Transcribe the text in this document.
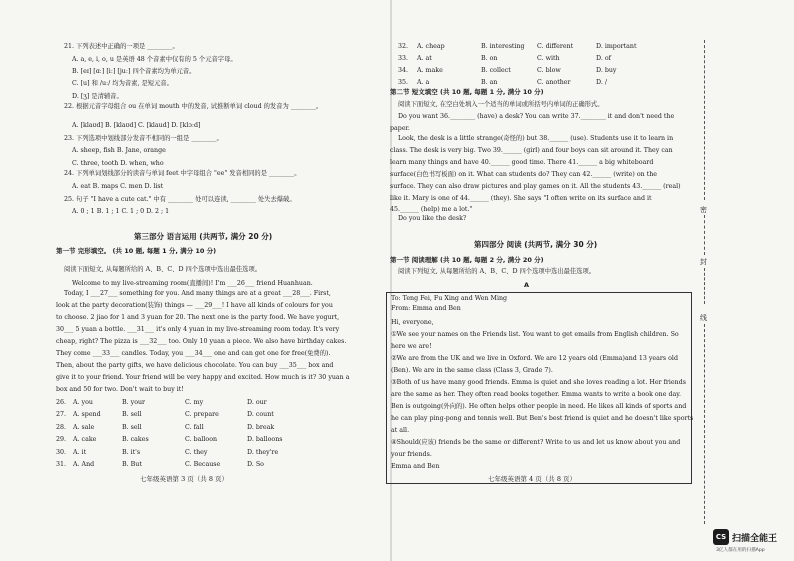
21. 下列表述中正确的一项是 ________。
A. a, e, i, o, u 是英语 48 个音素中仅有的 5 个元音字母。
B. [eɪ] [ɑː] [iː] [juː] 四个音素均为单元音。
C. [u] 和 /uː/ 均为音素, 是短元音。
D. [ʒ] 是清辅音。
22. 根据元音字母组合 ou 在单词 mouth 中的发音, 试推断单词 cloud 的发音为 ________。
A. [klaʊd] B. [klaʊd] C. [klaud] D. [klɔːd]
23. 下列选项中划线部分发音不相同的一组是 ________。
A. sheep, fish B. Jane, orange
C. three, tooth D. when, who
24. 下列单词划线部分的读音与单词 feet 中字母组合 "ee" 发音相同的是 ________。
A. eat B. maps C. men D. list
25. 句子 "I have a cute cat." 中有 ________ 处可以连读, ________ 处失去爆破。
A. 0 ; 1 B. 1 ; 1 C. 1 ; 0 D. 2 ; 1
第三部分 语言运用 (共两节, 满分 20 分)
第一节 完形填空。 (共 10 题, 每题 1 分, 满分 10 分)
阅读下面短文, 从每题所给的 A、B、C、D 四个选项中选出最佳选项。
Welcome to my live-streaming room(直播间)! I'm ___26___ friend Huanhuan.
Today, I ___27___ something for you. And many things are at a great ___28___. First,
look at the party decoration(装饰) things — ___29___! I have all kinds of colours for you
to choose. 2 jiao for 1 and 3 yuan for 20. The next one is the party food. We have yogurt,
30___ 5 yuan a bottle. ___31___ it's only 4 yuan in my live-streaming room today. It's very
cheap, right? The pizza is ___32___ too. Only 10 yuan a piece. We also have birthday cakes.
They come ___33___ candles. Today, you ___34___ one and can get one for free(免费的).
Then, about the party gifts, we have delicious chocolate. You can buy ___35___ box and
give it to your friend. Your friend will be very happy and excited. How much is it? 30 yuan a
box and 50 for two. Don't wait to buy it!
26. A. you	B. your	C. my	D. our
27. A. spend	B. sell	C. prepare	D. count
28. A. sale	B. sell	C. fall	D. break
29. A. cake	B. cakes	C. balloon	D. balloons
30. A. it	B. it's	C. they	D. they're
31. A. And	B. But	C. Because	D. So
七年级英语第 3 页（共 8 页）
32. A. cheap	B. interesting C. different	D. important
33. A. at	B. on	C. with	D. of
34. A. make	B. collect	C. blow	D. buy
35. A. a	B. an	C. another	D. /
第二节 短文填空 (共 10 题, 每题 1 分, 满分 10 分)
阅读下面短文, 在空白处填入一个适当的单词或所括号内单词的正确形式。
Do you want 36.________ (have) a desk? You can write 37.________ it and don't need the
paper.
Look, the desk is a little strange(奇怪的) but 38.______ (use). Students use it to learn in
class. The desk is very big. Two 39.______ (girl) and four boys can sit around it. They can
learn many things and have 40.______ good time. There 41.______ a big whiteboard
surface(白色书写板面) on it. What can students do? They can 42.______ (write) on the
surface. They can also draw pictures and play games on it. All the students 43.______ (real)
like it. Mary is one of 44.______ (they). She says "I often write on its surface and it
45.______ (help) me a lot."
Do you like the desk?
第四部分 阅读 (共两节, 满分 30 分)
第一节 阅读理解 (共 10 题, 每题 2 分, 满分 20 分)
阅读下列短文, 从每题所给的 A、B、C、D 四个选项中选出最佳选项。
A
七年级英语第 4 页（共 8 页）
To: Teng Fei, Fu Xing and Wen Ming
From: Emma and Ben
Hi, everyone,
①We see your names on the Friends list. You want to get emails from English children. So
here we are!
②We are from the UK and we live in Oxford. We are 12 years old (Emma)and 13 years old
(Ben). We are in the same class (Class 3, Grade 7).
③Both of us have many good friends. Emma is quiet and she loves reading a lot. Her friends
are the same as her. They often read books together. Emma wants to write a book one day.
Ben is outgoing(外向的). He often helps other people in need. He likes all kinds of sports and
he can play ping-pong and tennis well. But Ben's best friend is quiet and he doesn't like sports
at all.
④Should(应该) friends be the same or different? Write to us and let us know about you and
your friends.
Emma and Ben
密
封
线
CS 扫描全能王
3亿人都在用的扫描App
